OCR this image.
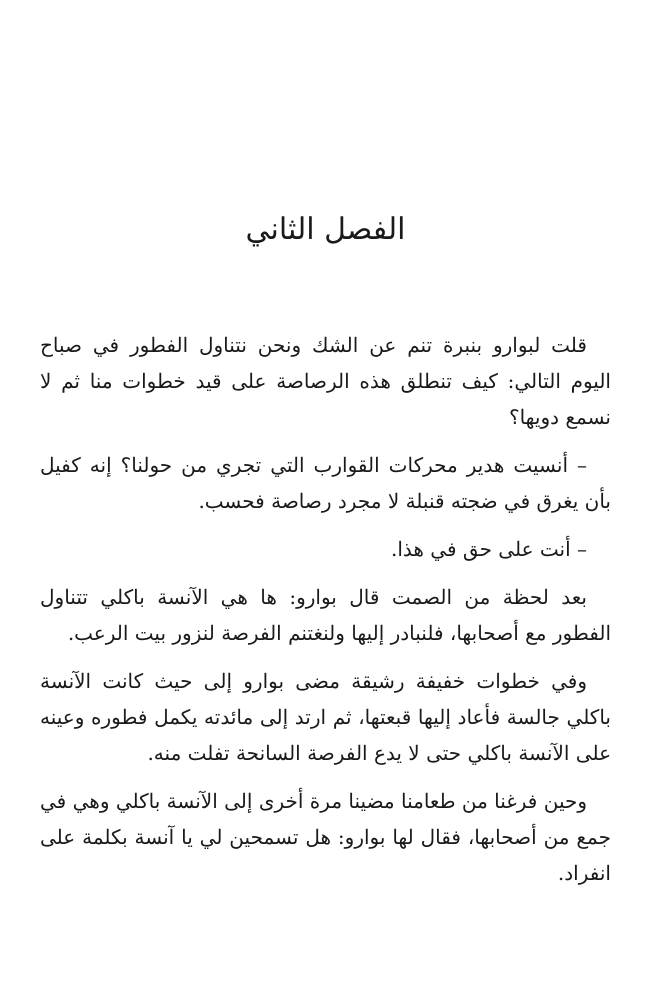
الفصل الثاني

قلت لبوارو بنبرة تنم عن الشك ونحن نتناول الفطور في صباح اليوم التالي: كيف تنطلق هذه الرصاصة على قيد خطوات منا ثم لا نسمع دويها؟

– أنسيت هدير محركات القوارب التي تجري من حولنا؟ إنه كفيل بأن يغرق في ضجته قنبلة لا مجرد رصاصة فحسب.

– أنت على حق في هذا.

بعد لحظة من الصمت قال بوارو: ها هي الآنسة باكلي تتناول الفطور مع أصحابها، فلنبادر إليها ولنغتنم الفرصة لنزور بيت الرعب.

وفي خطوات خفيفة رشيقة مضى بوارو إلى حيث كانت الآنسة باكلي جالسة فأعاد إليها قبعتها، ثم ارتد إلى مائدته يكمل فطوره وعينه على الآنسة باكلي حتى لا يدع الفرصة السانحة تفلت منه.

وحين فرغنا من طعامنا مضينا مرة أخرى إلى الآنسة باكلي وهي في جمع من أصحابها، فقال لها بوارو: هل تسمحين لي يا آنسة بكلمة على انفراد.
